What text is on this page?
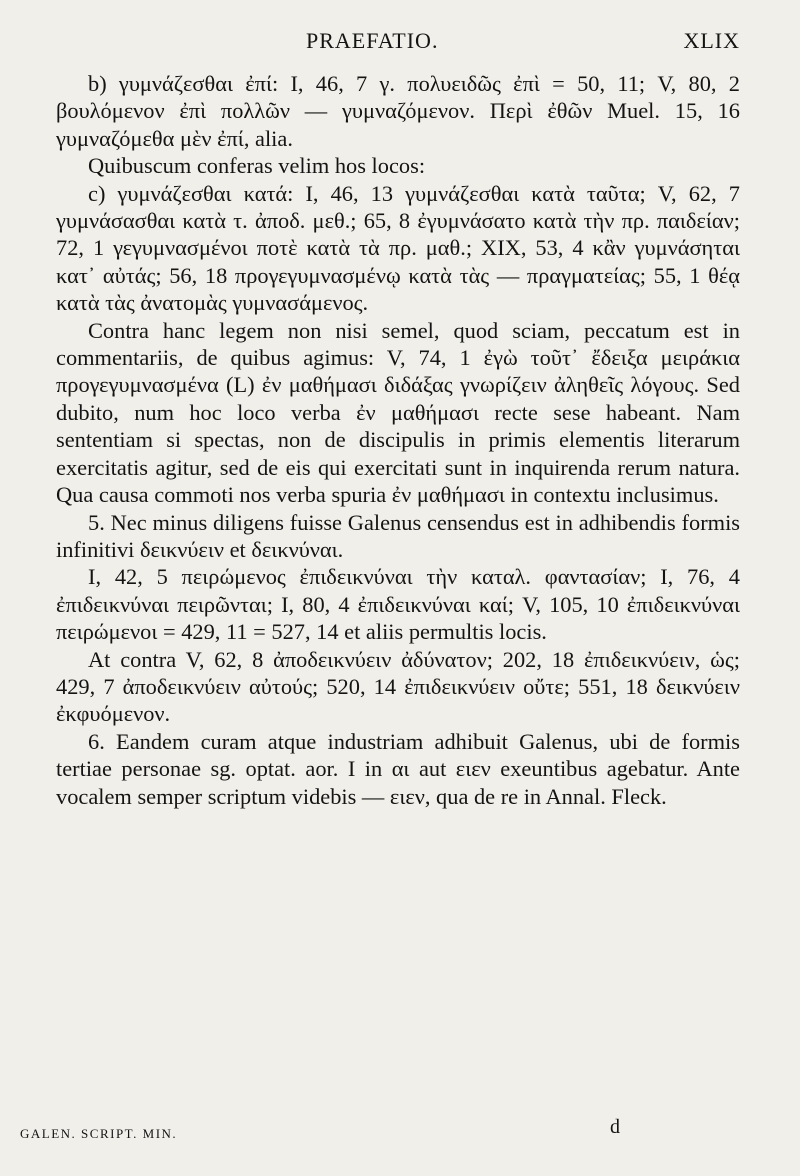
PRAEFATIO.	XLIX

b) γυμνάζεσθαι ἐπί: I, 46, 7 γ. πολυειδῶς ἐπὶ = 50, 11; V, 80, 2 βουλόμενον ἐπὶ πολλῶν — γυμναζόμενον. Περὶ ἐθῶν Muel. 15, 16 γυμναζόμεθα μὲν ἐπί, alia.

Quibuscum conferas velim hos locos:

c) γυμνάζεσθαι κατά: I, 46, 13 γυμνάζεσθαι κατὰ ταῦτα; V, 62, 7 γυμνάσασθαι κατὰ τ. ἀποδ. μεθ.; 65, 8 ἐγυμνάσατο κατὰ τὴν πρ. παιδείαν; 72, 1 γεγυμνασμένοι ποτὲ κατὰ τὰ πρ. μαθ.; XIX, 53, 4 κἂν γυμνάσηται κατ᾿ αὐτάς; 56, 18 προγεγυμνασμένῳ κατὰ τὰς — πραγματείας; 55, 1 θέᾳ κατὰ τὰς ἀνατομὰς γυμνασάμενος.

Contra hanc legem non nisi semel, quod sciam, peccatum est in commentariis, de quibus agimus: V, 74, 1 ἐγὼ τοῦτ᾿ ἔδειξα μειράκια προγεγυμνασμένα (L) ἐν μαθήμασι διδάξας γνωρίζειν ἀληθεῖς λόγους. Sed dubito, num hoc loco verba ἐν μαθήμασι recte sese habeant. Nam sententiam si spectas, non de discipulis in primis elementis literarum exercitatis agitur, sed de eis qui exercitati sunt in inquirenda rerum natura. Qua causa commoti nos verba spuria ἐν μαθήμασι in contextu inclusimus.

5. Nec minus diligens fuisse Galenus censendus est in adhibendis formis infinitivi δεικνύειν et δεικνύναι.

I, 42, 5 πειρώμενος ἐπιδεικνύναι τὴν καταλ. φαντασίαν; I, 76, 4 ἐπιδεικνύναι πειρῶνται; I, 80, 4 ἐπιδεικνύναι καί; V, 105, 10 ἐπιδεικνύναι πειρώμενοι = 429, 11 = 527, 14 et aliis permultis locis.

At contra V, 62, 8 ἀποδεικνύειν ἀδύνατον; 202, 18 ἐπιδεικνύειν, ὡς; 429, 7 ἀποδεικνύειν αὐτούς; 520, 14 ἐπιδεικνύειν οὔτε; 551, 18 δεικνύειν ἐκφυόμενον.

6. Eandem curam atque industriam adhibuit Galenus, ubi de formis tertiae personae sg. optat. aor. I in αι aut ειεν exeuntibus agebatur. Ante vocalem semper scriptum videbis — ειεν, qua de re in Annal. Fleck.

GALEN. SCRIPT. MIN.	d
